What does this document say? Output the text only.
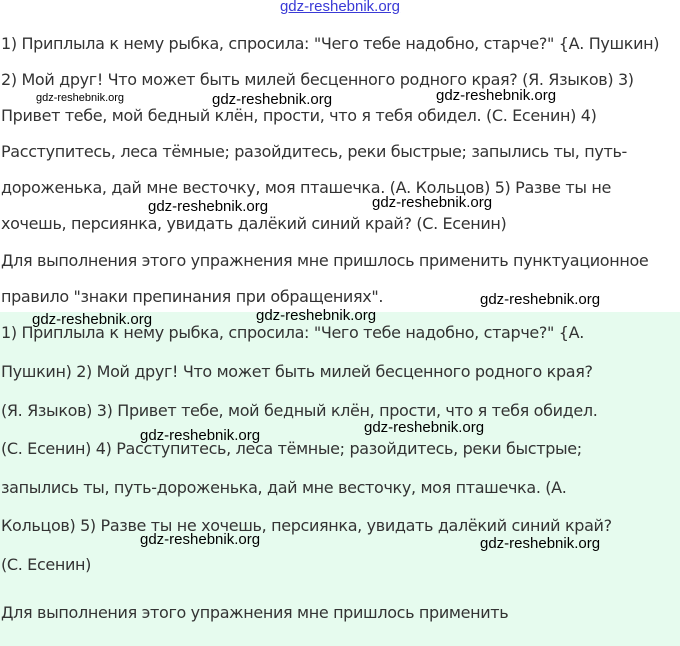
gdz-reshebnik.org
1) Приплыла к нему рыбка, спросила: "Чего тебе надобно, старче?" {А. Пушкин)
2) Мой друг! Что может быть милей бесценного родного края? (Я. Языков) 3)
Привет тебе, мой бедный клён, прости, что я тебя обидел. (С. Есенин) 4)
Расступитесь, леса тёмные; разойдитесь, реки быстрые; запылись ты, путь-
дороженька, дай мне весточку, моя пташечка. (А. Кольцов) 5) Разве ты не
хочешь, персиянка, увидать далёкий синий край? (С. Есенин)
Для выполнения этого упражнения мне пришлось применить пунктуационное
правило "знаки препинания при обращениях".
1) Приплыла к нему рыбка, спросила: "Чего тебе надобно, старче?" {А.
Пушкин) 2) Мой друг! Что может быть милей бесценного родного края?
(Я. Языков) 3) Привет тебе, мой бедный клён, прости, что я тебя обидел.
(С. Есенин) 4) Расступитесь, леса тёмные; разойдитесь, реки быстрые;
запылись ты, путь-дороженька, дай мне весточку, моя пташечка. (А.
Кольцов) 5) Разве ты не хочешь, персиянка, увидать далёкий синий край?
(С. Есенин)
Для выполнения этого упражнения мне пришлось применить
gdz-reshebnik.org	gdz-reshebnik.org	gdz-reshebnik.org
gdz-reshebnik.org	gdz-reshebnik.org
gdz-reshebnik.org
gdz-reshebnik.org	gdz-reshebnik.org
gdz-reshebnik.org	gdz-reshebnik.org
gdz-reshebnik.org	gdz-reshebnik.org
